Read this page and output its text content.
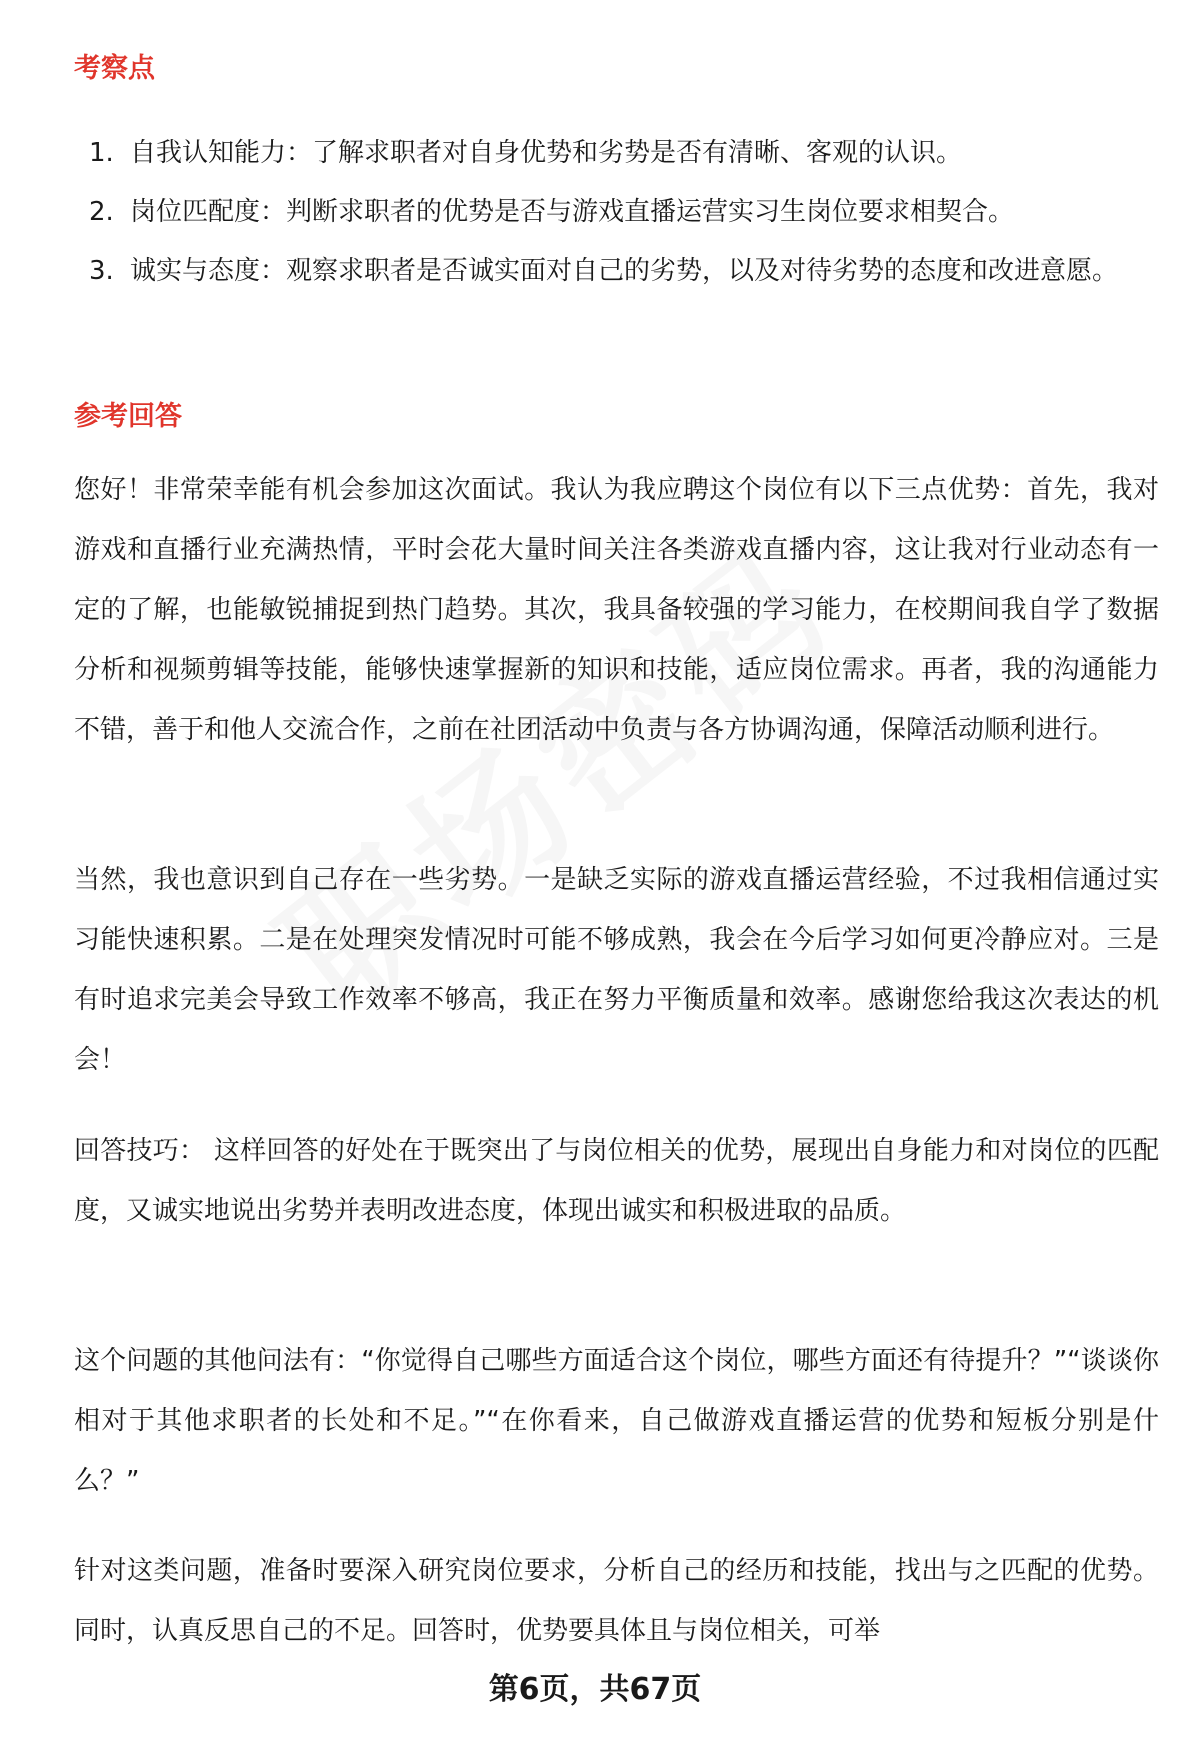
考察点
1. 自我认知能力：了解求职者对自身优势和劣势是否有清晰、客观的认识。
2. 岗位匹配度：判断求职者的优势是否与游戏直播运营实习生岗位要求相契合。
3. 诚实与态度：观察求职者是否诚实面对自己的劣势，以及对待劣势的态度和改进意愿。
参考回答

您好！非常荣幸能有机会参加这次面试。我认为我应聘这个岗位有以下三点优势：首先，我对游戏和直播行业充满热情，平时会花大量时间关注各类游戏直播内容，这让我对行业动态有一定的了解，也能敏锐捕捉到热门趋势。其次，我具备较强的学习能力，在校期间我自学了数据分析和视频剪辑等技能，能够快速掌握新的知识和技能，适应岗位需求。再者，我的沟通能力不错，善于和他人交流合作，之前在社团活动中负责与各方协调沟通，保障活动顺利进行。

当然，我也意识到自己存在一些劣势。一是缺乏实际的游戏直播运营经验，不过我相信通过实习能快速积累。二是在处理突发情况时可能不够成熟，我会在今后学习如何更冷静应对。三是有时追求完美会导致工作效率不够高，我正在努力平衡质量和效率。感谢您给我这次表达的机会！

回答技巧： 这样回答的好处在于既突出了与岗位相关的优势，展现出自身能力和对岗位的匹配度，又诚实地说出劣势并表明改进态度，体现出诚实和积极进取的品质。

这个问题的其他问法有：“你觉得自己哪些方面适合这个岗位，哪些方面还有待提升？”“谈谈你相对于其他求职者的长处和不足。”“在你看来，自己做游戏直播运营的优势和短板分别是什么？”

针对这类问题，准备时要深入研究岗位要求，分析自己的经历和技能，找出与之匹配的优势。同时，认真反思自己的不足。回答时，优势要具体且与岗位相关，可举

第6页，共67页
